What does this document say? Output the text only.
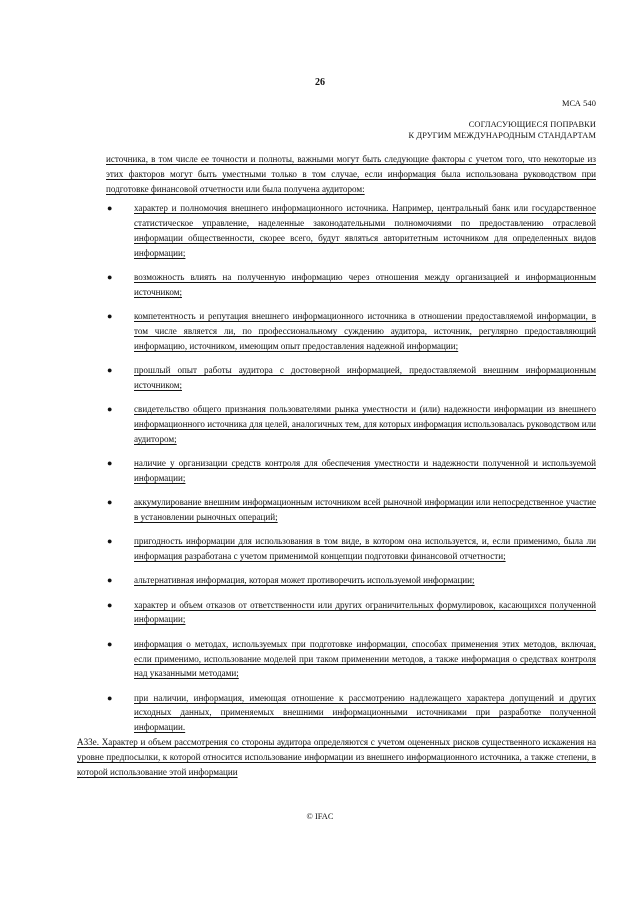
26
МСА 540
СОГЛАСУЮЩИЕСЯ ПОПРАВКИ
К ДРУГИМ МЕЖДУНАРОДНЫМ СТАНДАРТАМ

источника, в том числе ее точности и полноты, важными могут быть следующие факторы с учетом того, что некоторые из этих факторов могут быть уместными только в том случае, если информация была использована руководством при подготовке финансовой отчетности или была получена аудитором:

● характер и полномочия внешнего информационного источника. Например, центральный банк или государственное статистическое управление, наделенные законодательными полномочиями по предоставлению отраслевой информации общественности, скорее всего, будут являться авторитетным источником для определенных видов информации;
● возможность влиять на полученную информацию через отношения между организацией и информационным источником;
● компетентность и репутация внешнего информационного источника в отношении предоставляемой информации, в том числе является ли, по профессиональному суждению аудитора, источник, регулярно предоставляющий информацию, источником, имеющим опыт предоставления надежной информации;
● прошлый опыт работы аудитора с достоверной информацией, предоставляемой внешним информационным источником;
● свидетельство общего признания пользователями рынка уместности и (или) надежности информации из внешнего информационного источника для целей, аналогичных тем, для которых информация использовалась руководством или аудитором;
● наличие у организации средств контроля для обеспечения уместности и надежности полученной и используемой информации;
● аккумулирование внешним информационным источником всей рыночной информации или непосредственное участие в установлении рыночных операций;
● пригодность информации для использования в том виде, в котором она используется, и, если применимо, была ли информация разработана с учетом применимой концепции подготовки финансовой отчетности;
● альтернативная информация, которая может противоречить используемой информации;
● характер и объем отказов от ответственности или других ограничительных формулировок, касающихся полученной информации;
● информация о методах, используемых при подготовке информации, способах применения этих методов, включая, если применимо, использование моделей при таком применении методов, а также информация о средствах контроля над указанными методами;
● при наличии, информация, имеющая отношение к рассмотрению надлежащего характера допущений и других исходных данных, применяемых внешними информационными источниками при разработке полученной информации.
A33e. Характер и объем рассмотрения со стороны аудитора определяются с учетом оцененных рисков существенного искажения на уровне предпосылки, к которой относится использование информации из внешнего информационного источника, а также степени, в которой использование этой информации
© IFAC
